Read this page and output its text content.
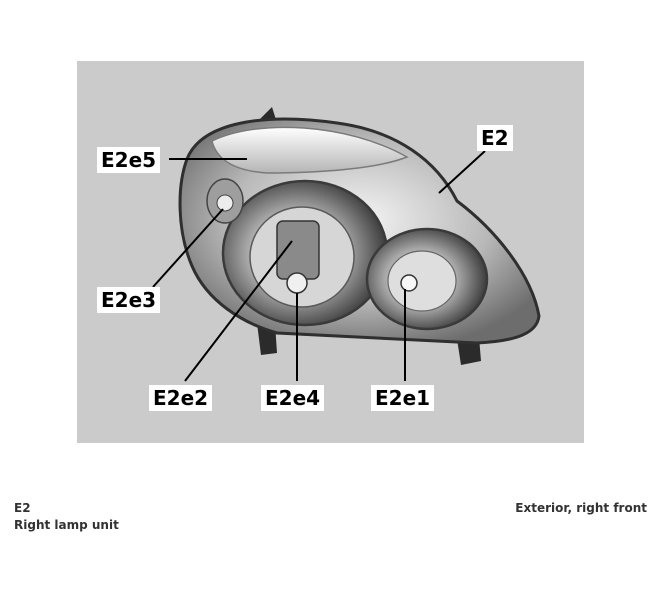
E2
E2e5
E2e3
E2e2	E2e4	E2e1
E2
Right lamp unit
Exterior, right front
